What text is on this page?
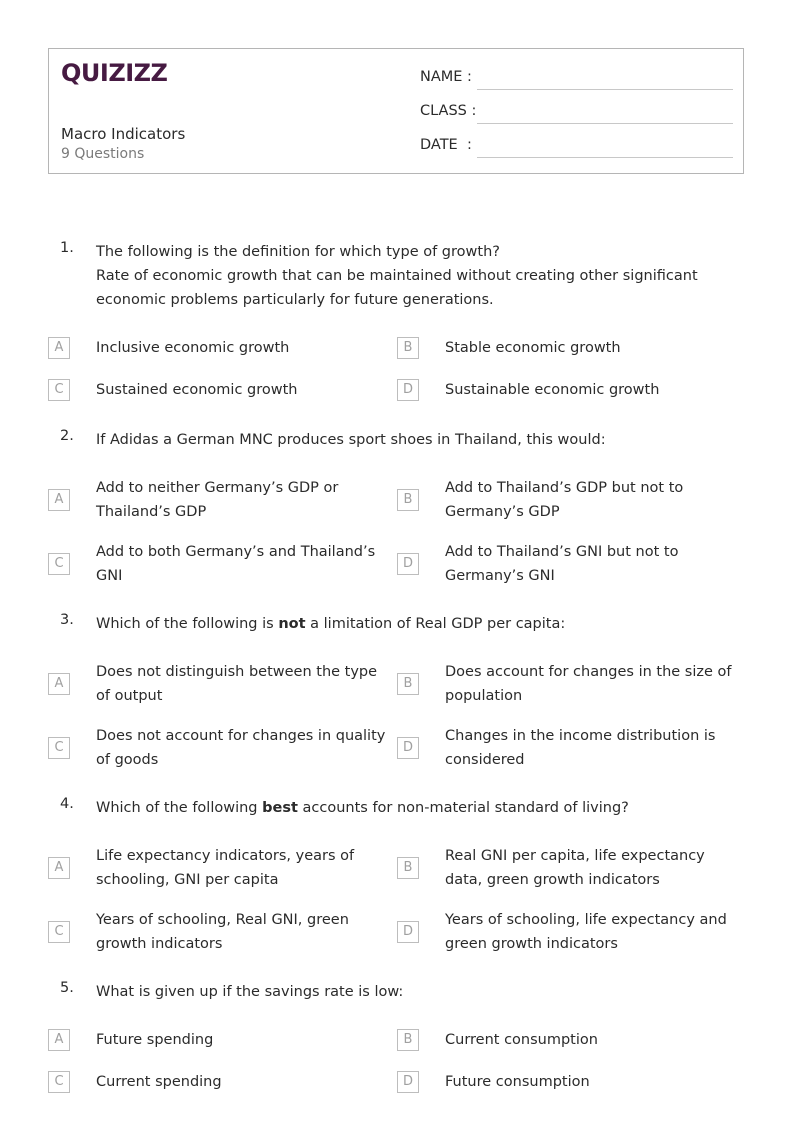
QUIZIZZ
Macro Indicators
9 Questions
NAME :
CLASS :
DATE  :
1. The following is the definition for which type of growth?
Rate of economic growth that can be maintained without creating other significant economic problems particularly for future generations.
A	Inclusive economic growth	B	Stable economic growth
C	Sustained economic growth	D	Sustainable economic growth
2. If Adidas a German MNC produces sport shoes in Thailand, this would:
A
Add to neither Germany’s GDP or Thailand’s GDP
B
Add to Thailand’s GDP but not to Germany’s GDP
C
Add to both Germany’s and Thailand’s GNI
D
Add to Thailand’s GNI but not to Germany’s GNI
3. Which of the following is not a limitation of Real GDP per capita:
A
Does not distinguish between the type of output
B
Does account for changes in the size of population
C
Does not account for changes in quality of goods
D
Changes in the income distribution is considered
4. Which of the following best accounts for non-material standard of living?
A
Life expectancy indicators, years of schooling, GNI per capita
B
Real GNI per capita, life expectancy data, green growth indicators
C
Years of schooling, Real GNI, green growth indicators
D
Years of schooling, life expectancy and green growth indicators
5. What is given up if the savings rate is low:
A	Future spending	B	Current consumption
C	Current spending	D	Future consumption
